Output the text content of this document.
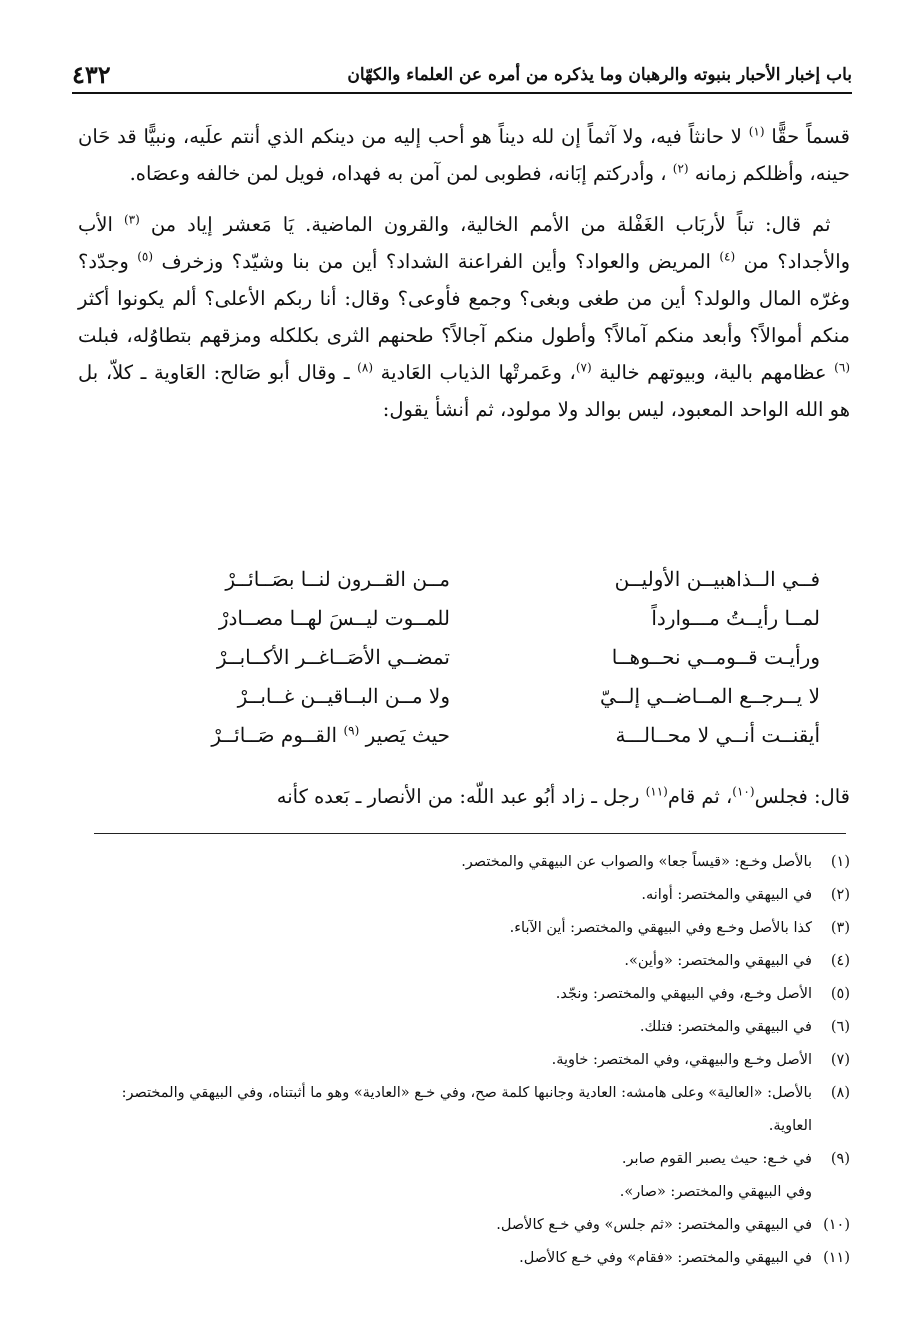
باب إخبار الأحبار بنبوته والرهبان وما يذكره من أمره عن العلماء والكهّان
٤٣٢

قسماً حقًّا $^{(١)}$ لا حانثاً فيه، ولا آثماً إن لله ديناً هو أحب إليه من دينكم الذي أنتم علَيه، ونبيًّا قد حَان حينه، وأظلكم زمانه $^{(٢)}$ ، وأدركتم إبَانه، فطوبى لمن آمن به فهداه، فويل لمن خالفه وعصَاه.

 ثم قال: تباً لأربَاب الغَفْلة من الأمم الخالية، والقرون الماضية. يَا مَعشر إياد من $^{(٣)}$ الأب والأجداد؟ من $^{(٤)}$ المريض والعواد؟ وأين الفراعنة الشداد؟ أين من بنا وشيّد؟ وزخرف $^{(٥)}$ وجدّد؟ وغرّه المال والولد؟ أين من طغى وبغى؟ وجمع فأوعى؟ وقال: أنا ربكم الأعلى؟ ألم يكونوا أكثر منكم أموالاً؟ وأبعد منكم آمالاً؟ وأطول منكم آجالاً؟ طحنهم الثرى بكلكله ومزقهم بتطاوُله، فبلت $^{(٦)}$ عظامهم بالية، وبيوتهم خالية $^{(٧)}$، وعَمرتْها الذياب العَادية $^{(٨)}$ ـ وقال أبو صَالح: العَاوية ـ كلاّ، بل هو الله الواحد المعبود، ليس بوالد ولا مولود، ثم أنشأ يقول:

فــي الــذاهبيــن الأوليــن
مــن القــرون لنــا بصَــائــرْ
لمــا رأيــتُ مـــوارداً
للمــوت ليــسَ لهــا مصــادرْ
ورأيـت قــومــي نحــوهــا
تمضــي الأصَــاغــر الأكــابــرْ
لا يــرجــع المــاضــي إلــيّ
ولا مــن البــاقيــن غــابــرْ
أيقنــت أنــي لا محــالـــة
حيث يَصير $^{(٩)}$ القــوم صَــائــرْ
قال: فجلس$^{(١٠)}$، ثم قام$^{(١١)}$ رجل ـ زاد أبُو عبد اللّه: من الأنصار ـ بَعده كأنه
(١)
بالأصل وخـع: «قيساً جعا» والصواب عن البيهقي والمختصر.
(٢)
في البيهقي والمختصر: أوانه.
(٣)
كذا بالأصل وخـع وفي البيهقي والمختصر: أين الآباء.
(٤)
في البيهقي والمختصر: «وأين».
(٥)
الأصل وخـع، وفي البيهقي والمختصر: ونجّد.
(٦)
في البيهقي والمختصر: فتلك.
(٧)
الأصل وخـع والبيهقي، وفي المختصر: خاوية.
(٨)
بالأصل: «العالية» وعلى هامشه: العادية وجانبها كلمة صح، وفي خـع «العادية» وهو ما أثبتناه، وفي البيهقي والمختصر: العاوية.
(٩)
في خـع: حيث يصبر القوم صابر.
وفي البيهقي والمختصر: «صار».
(١٠)
في البيهقي والمختصر: «ثم جلس» وفي خـع كالأصل.
(١١)
في البيهقي والمختصر: «فقام» وفي خـع كالأصل.
